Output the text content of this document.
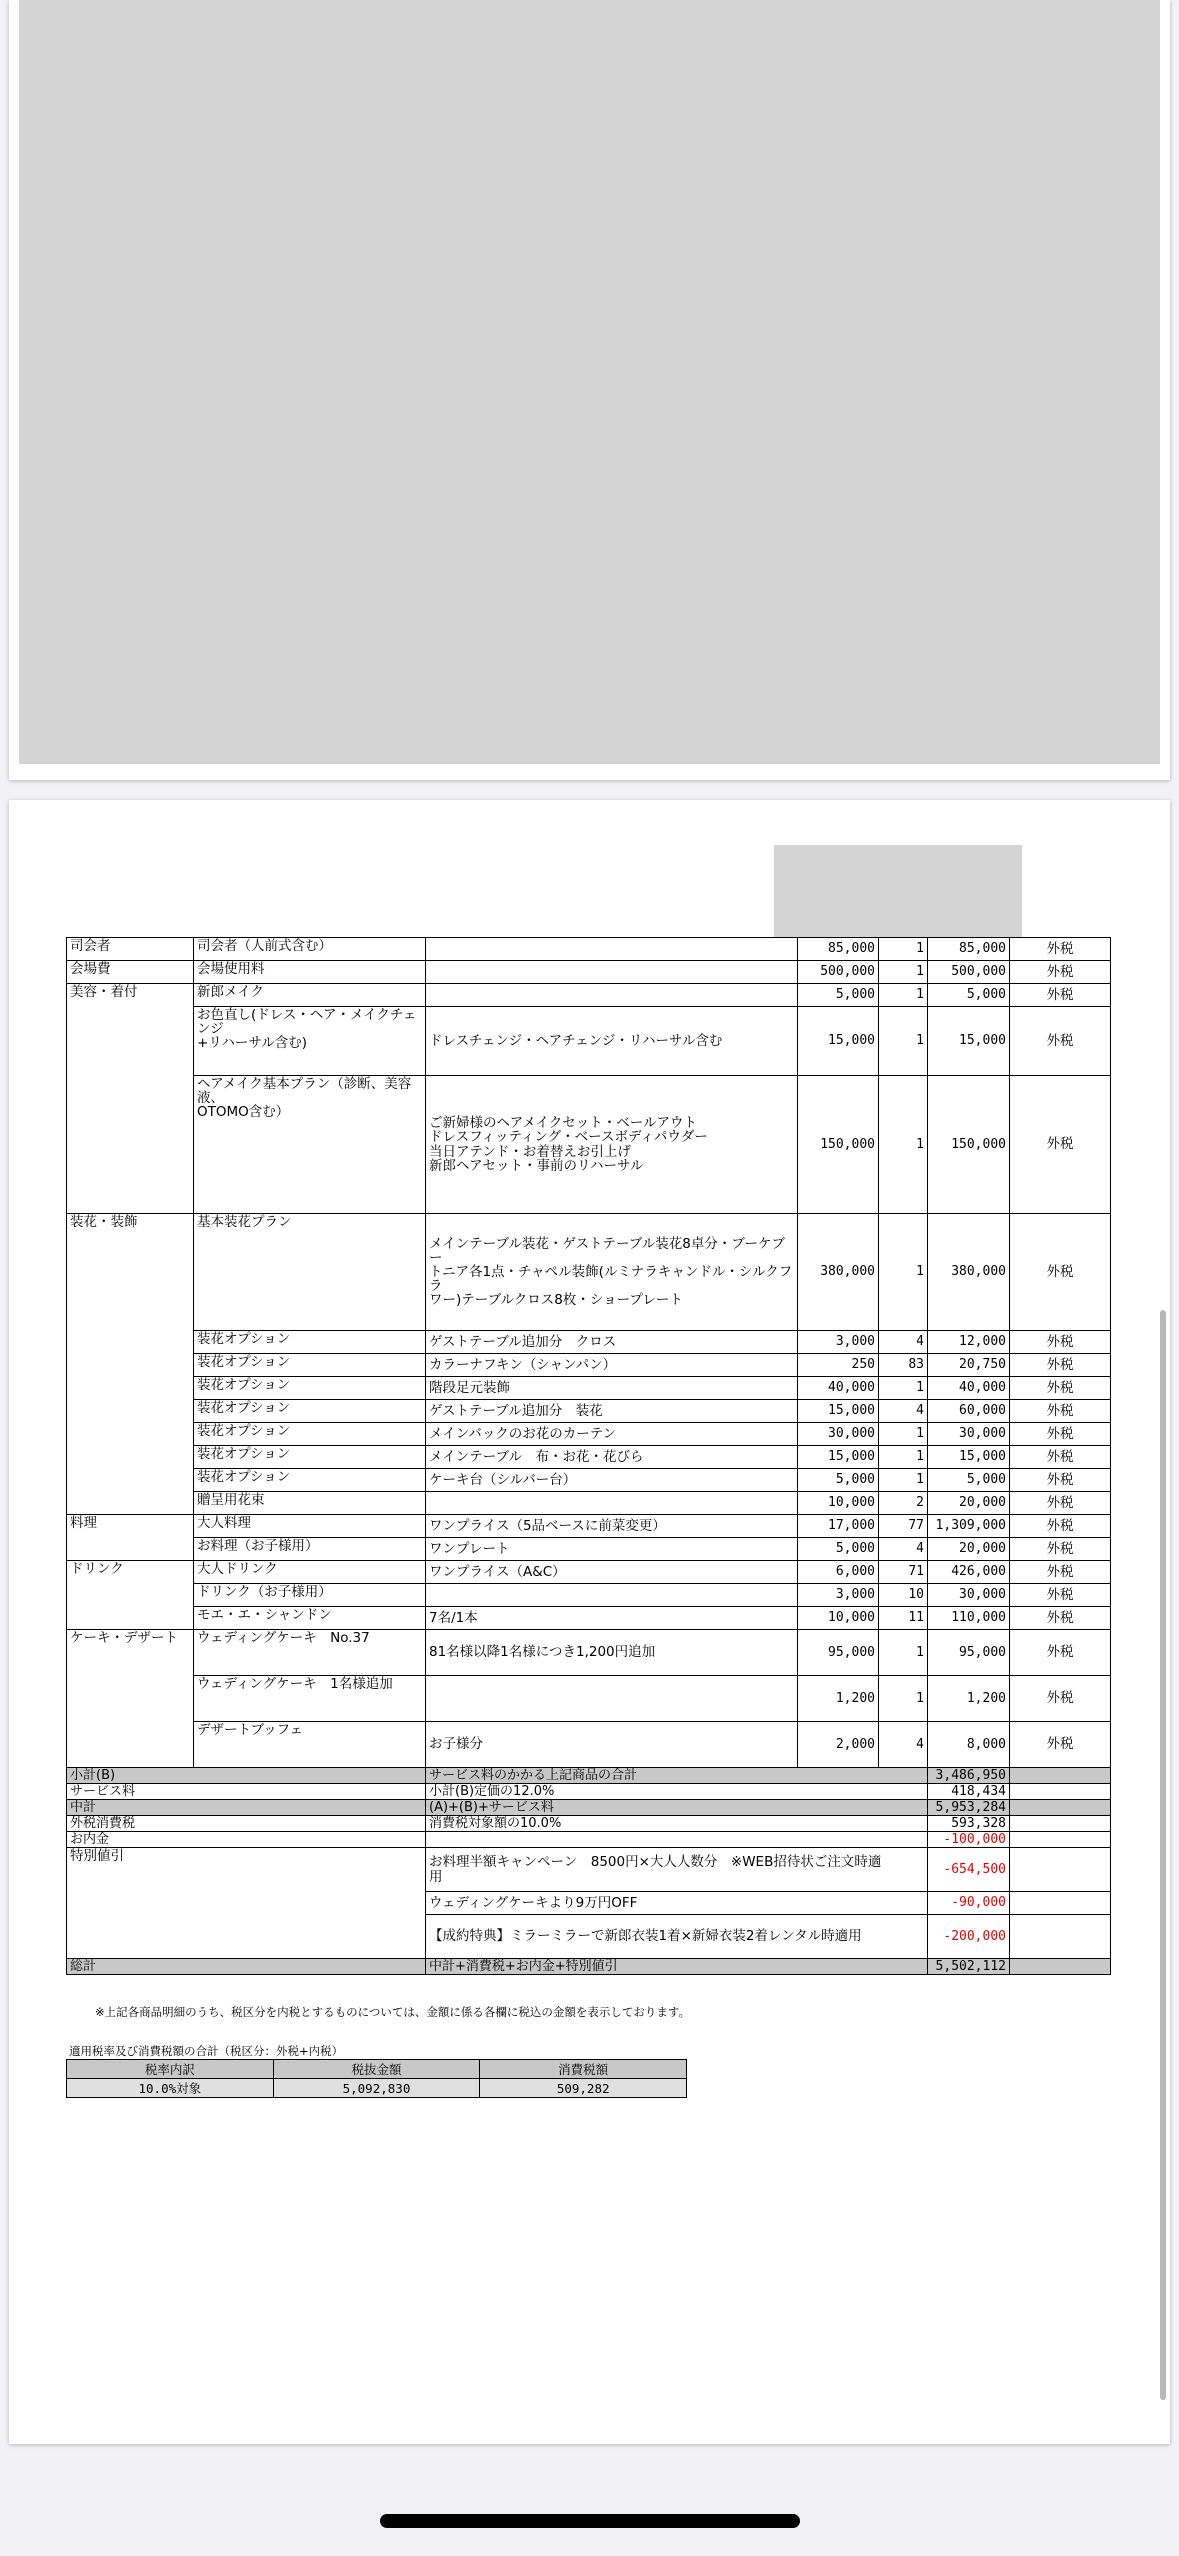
司会者	司会者（人前式含む）		85,000	1	85,000	外税
会場費	会場使用料		500,000	1	500,000	外税
美容・着付	新郎メイク		5,000	1	5,000	外税
	お色直し(ドレス・ヘア・メイクチェンジ
+リハーサル含む)	ドレスチェンジ・ヘアチェンジ・リハーサル含む	15,000	1	15,000	外税
	ヘアメイク基本プラン（診断、美容液、
OTOMO含む）	ご新婦様のヘアメイクセット・ベールアウト
ドレスフィッティング・ベースボディパウダー
当日アテンド・お着替えお引上げ
新郎ヘアセット・事前のリハーサル	150,000	1	150,000	外税
装花・装飾	基本装花プラン	メインテーブル装花・ゲストテーブル装花8卓分・ブーケブー
トニア各1点・チャペル装飾(ルミナラキャンドル・シルクフラ
ワー)テーブルクロス8枚・ショープレート	380,000	1	380,000	外税
	装花オプション	ゲストテーブル追加分　クロス	3,000	4	12,000	外税
	装花オプション	カラーナフキン（シャンパン）	250	83	20,750	外税
	装花オプション	階段足元装飾	40,000	1	40,000	外税
	装花オプション	ゲストテーブル追加分　装花	15,000	4	60,000	外税
	装花オプション	メインバックのお花のカーテン	30,000	1	30,000	外税
	装花オプション	メインテーブル　布・お花・花びら	15,000	1	15,000	外税
	装花オプション	ケーキ台（シルバー台）	5,000	1	5,000	外税
	贈呈用花束		10,000	2	20,000	外税
料理	大人料理	ワンプライス（5品ベースに前菜変更）	17,000	77	1,309,000	外税
	お料理（お子様用）	ワンプレート	5,000	4	20,000	外税
ドリンク	大人ドリンク	ワンプライス（A&C）	6,000	71	426,000	外税
	ドリンク（お子様用）		3,000	10	30,000	外税
	モエ・エ・シャンドン	7名/1本	10,000	11	110,000	外税
ケーキ・デザート	ウェディングケーキ　No.37	81名様以降1名様につき1,200円追加	95,000	1	95,000	外税
	ウェディングケーキ　1名様追加		1,200	1	1,200	外税
	デザートブッフェ	お子様分	2,000	4	8,000	外税
小計(B)		サービス料のかかる上記商品の合計			3,486,950	
サービス料		小計(B)定価の12.0%			418,434	
中計		(A)+(B)+サービス料			5,953,284	
外税消費税		消費税対象額の10.0%			593,328	
お内金					-100,000	
特別値引		お料理半額キャンペーン　8500円×大人人数分　※WEB招待状ご注文時適
用			-654,500	
		ウェディングケーキより9万円OFF			-90,000	
		【成約特典】ミラーミラーで新郎衣装1着×新婦衣装2着レンタル時適用			-200,000	
総計		中計+消費税+お内金+特別値引			5,502,112	
※上記各商品明細のうち、税区分を内税とするものについては、金額に係る各欄に税込の金額を表示しております。
適用税率及び消費税額の合計（税区分：外税+内税）
税率内訳	税抜金額	消費税額
10.0%対象	5,092,830	509,282
